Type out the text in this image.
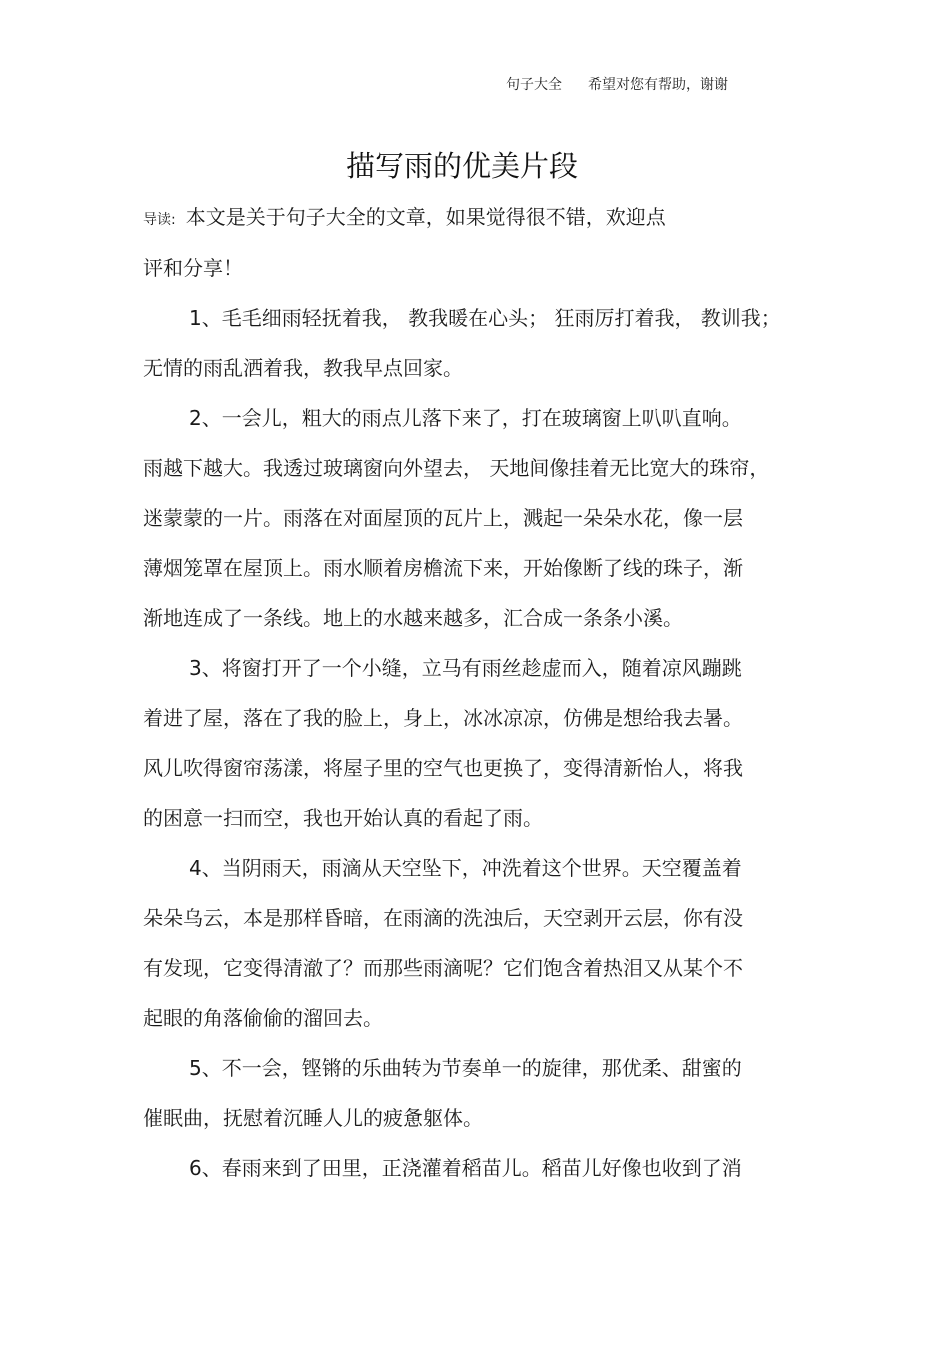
句子大全 希望对您有帮助，谢谢
描写雨的优美片段
导读: 本文是关于句子大全的文章，如果觉得很不错，欢迎点
评和分享！
1、毛毛细雨轻抚着我， 教我暖在心头； 狂雨厉打着我， 教训我；
无情的雨乱洒着我，教我早点回家。
2、一会儿，粗大的雨点儿落下来了，打在玻璃窗上叭叭直响。
雨越下越大。我透过玻璃窗向外望去， 天地间像挂着无比宽大的珠帘，
迷蒙蒙的一片。雨落在对面屋顶的瓦片上，溅起一朵朵水花，像一层
薄烟笼罩在屋顶上。雨水顺着房檐流下来，开始像断了线的珠子，渐
渐地连成了一条线。地上的水越来越多，汇合成一条条小溪。
3、将窗打开了一个小缝，立马有雨丝趁虚而入，随着凉风蹦跳
着进了屋，落在了我的脸上，身上，冰冰凉凉，仿佛是想给我去暑。
风儿吹得窗帘荡漾，将屋子里的空气也更换了，变得清新怡人，将我
的困意一扫而空，我也开始认真的看起了雨。
4、当阴雨天，雨滴从天空坠下，冲洗着这个世界。天空覆盖着
朵朵乌云，本是那样昏暗，在雨滴的洗浊后，天空剥开云层，你有没
有发现，它变得清澈了？而那些雨滴呢？它们饱含着热泪又从某个不
起眼的角落偷偷的溜回去。
5、不一会，铿锵的乐曲转为节奏单一的旋律，那优柔、甜蜜的
催眠曲，抚慰着沉睡人儿的疲惫躯体。
6、春雨来到了田里，正浇灌着稻苗儿。稻苗儿好像也收到了消
